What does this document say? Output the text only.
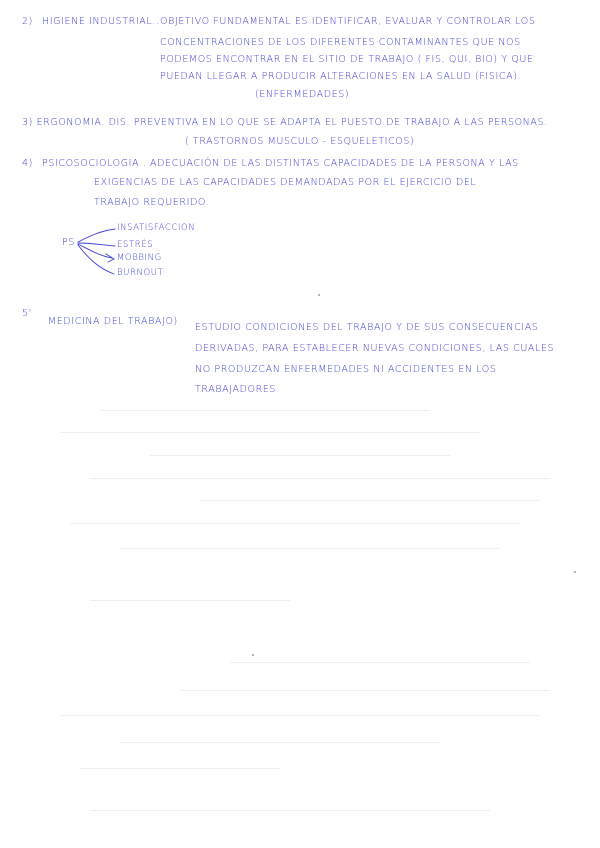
2) HIGIENE INDUSTRIAL.. OBJETIVO FUNDAMENTAL ES IDENTIFICAR, EVALUAR Y CONTROLAR LOS
CONCENTRACIONES DE LOS DIFERENTES CONTAMINANTES QUE NOS
PODEMOS ENCONTRAR EN EL SITIO DE TRABAJO ( FIS, QUI, BIO) Y QUE
PUEDAN LLEGAR A PRODUCIR ALTERACIONES EN LA SALUD (FISICA).
(ENFERMEDADES)
3) ERGONOMIA. DIS. PREVENTIVA EN LO QUE SE ADAPTA EL PUESTO DE TRABAJO A LAS PERSONAS.
( TRASTORNOS MUSCULO - ESQUELETICOS)
4) PSICOSOCIOLOGIA . ADECUACIÓN DE LAS DISTINTAS CAPACIDADES DE LA PERSONA Y LAS
EXIGENCIAS DE LAS CAPACIDADES DEMANDADAS POR EL EJERCICIO DEL
TRABAJO REQUERIDO.
PS
INSATISFACCION
ESTRÉS
MOBBING
BURNOUT
5'
MEDICINA DEL TRABAJO)
ESTUDIO CONDICIONES DEL TRABAJO Y DE SUS CONSECUENCIAS
DERIVADAS, PARA ESTABLECER NUEVAS CONDICIONES, LAS CUALES
NO PRODUZCAN ENFERMEDADES NI ACCIDENTES EN LOS
TRABAJADORES
